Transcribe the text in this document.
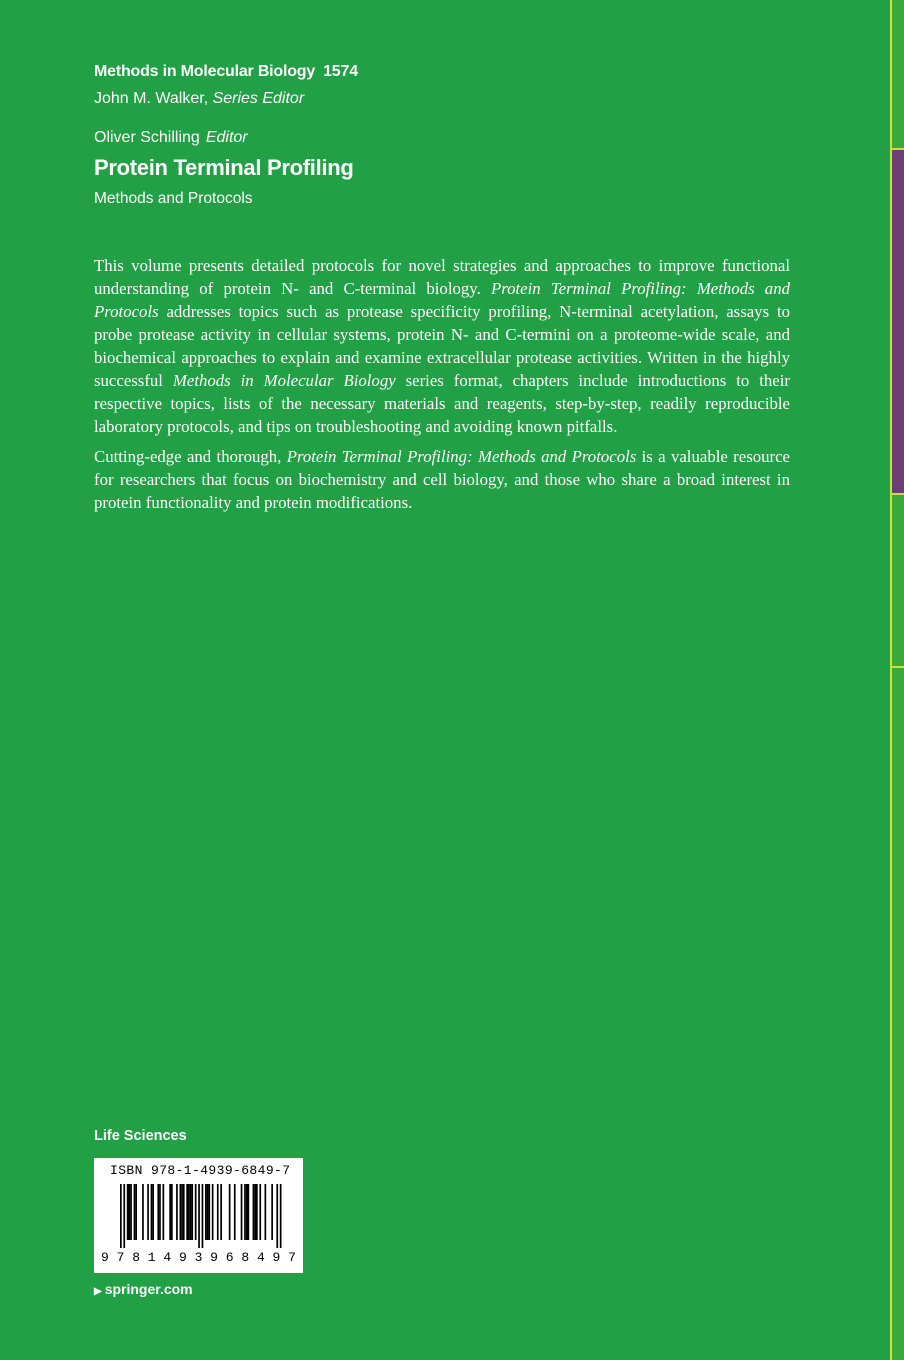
Methods in Molecular Biology 1574
John M. Walker, Series Editor
Oliver Schilling Editor
Protein Terminal Profiling
Methods and Protocols

This volume presents detailed protocols for novel strategies and approaches to improve functional understanding of protein N- and C-terminal biology. Protein Terminal Profiling: Methods and Protocols addresses topics such as protease specificity profiling, N-terminal acetylation, assays to probe protease activity in cellular systems, protein N- and C-termini on a proteome-wide scale, and biochemical approaches to explain and examine extracellular protease activities. Written in the highly successful Methods in Molecular Biology series format, chapters include introductions to their respective topics, lists of the necessary materials and reagents, step-by-step, readily reproducible laboratory protocols, and tips on troubleshooting and avoiding known pitfalls.

Cutting-edge and thorough, Protein Terminal Profiling: Methods and Protocols is a valuable resource for researchers that focus on biochemistry and cell biology, and those who share a broad interest in protein functionality and protein modifications.

Life Sciences
ISBN 978-1-4939-6849-7
9 7 8 1 4 9 3 9 6 8 4 9 7
▶ springer.com
